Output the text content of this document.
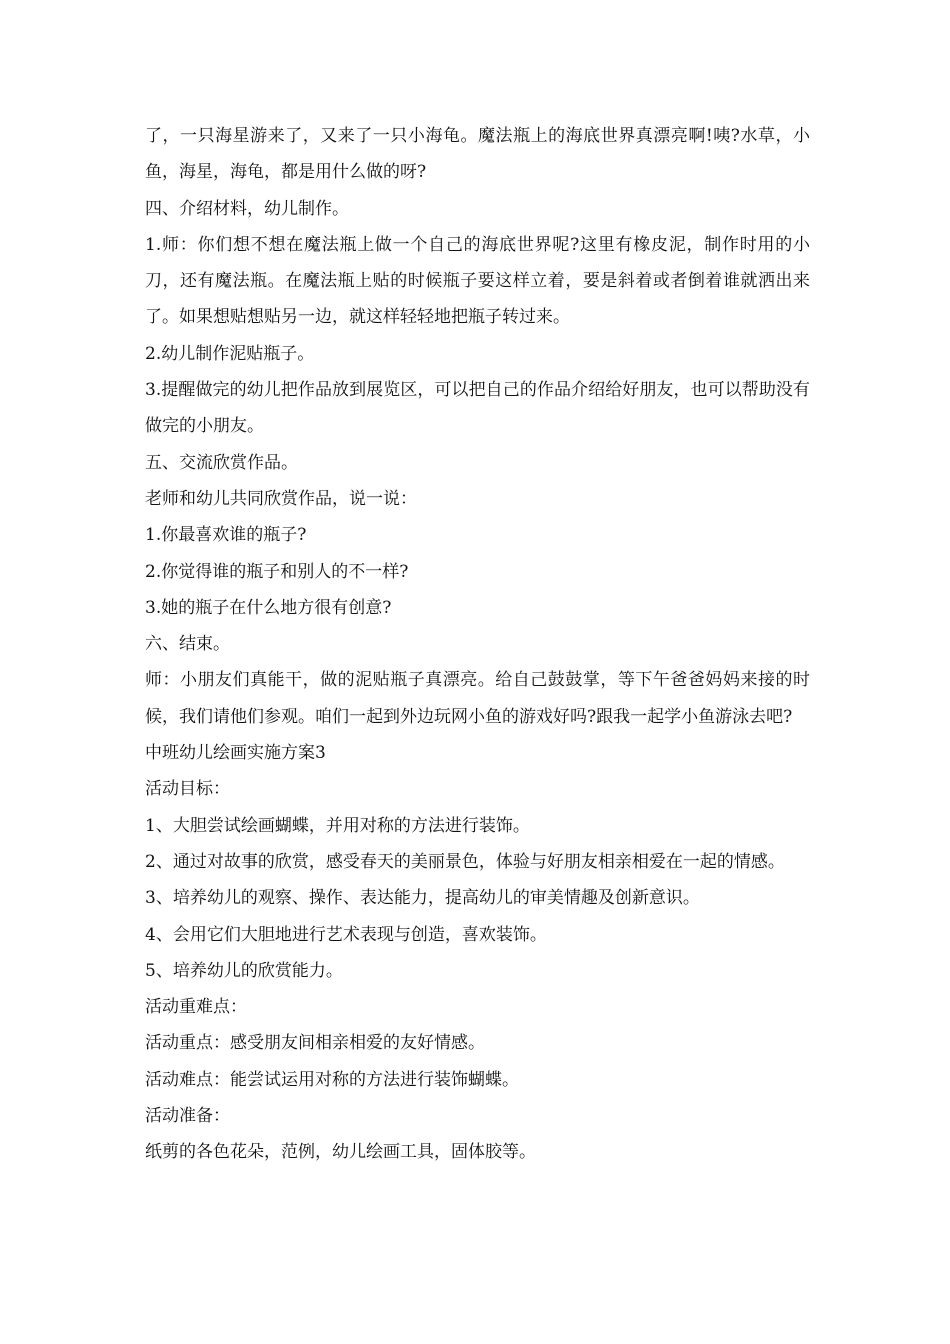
了，一只海星游来了，又来了一只小海龟。魔法瓶上的海底世界真漂亮啊!咦?水草，小鱼，海星，海龟，都是用什么做的呀?

四、介绍材料，幼儿制作。

1.师：你们想不想在魔法瓶上做一个自己的海底世界呢?这里有橡皮泥，制作时用的小刀，还有魔法瓶。在魔法瓶上贴的时候瓶子要这样立着，要是斜着或者倒着谁就洒出来了。如果想贴想贴另一边，就这样轻轻地把瓶子转过来。

2.幼儿制作泥贴瓶子。

3.提醒做完的幼儿把作品放到展览区，可以把自己的作品介绍给好朋友，也可以帮助没有做完的小朋友。

五、交流欣赏作品。

老师和幼儿共同欣赏作品，说一说：

1.你最喜欢谁的瓶子?

2.你觉得谁的瓶子和别人的不一样?

3.她的瓶子在什么地方很有创意?

六、结束。

师：小朋友们真能干，做的泥贴瓶子真漂亮。给自己鼓鼓掌，等下午爸爸妈妈来接的时候，我们请他们参观。咱们一起到外边玩网小鱼的游戏好吗?跟我一起学小鱼游泳去吧?

中班幼儿绘画实施方案3

活动目标：

1、大胆尝试绘画蝴蝶，并用对称的方法进行装饰。

2、通过对故事的欣赏，感受春天的美丽景色，体验与好朋友相亲相爱在一起的情感。

3、培养幼儿的观察、操作、表达能力，提高幼儿的审美情趣及创新意识。

4、会用它们大胆地进行艺术表现与创造，喜欢装饰。

5、培养幼儿的欣赏能力。

活动重难点：

活动重点：感受朋友间相亲相爱的友好情感。

活动难点：能尝试运用对称的方法进行装饰蝴蝶。

活动准备：

纸剪的各色花朵，范例，幼儿绘画工具，固体胶等。
